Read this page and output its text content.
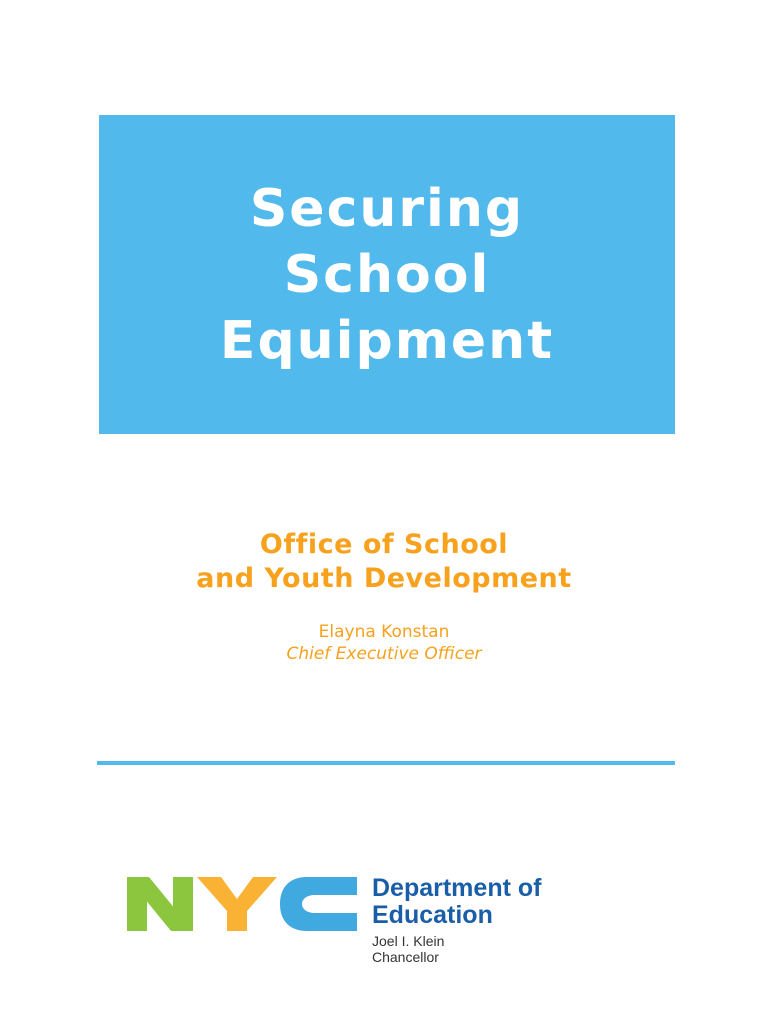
Securing
School
Equipment
Office of School
and Youth Development
Elayna Konstan
Chief Executive Officer
® Department of
Education
Joel I. Klein
Chancellor
